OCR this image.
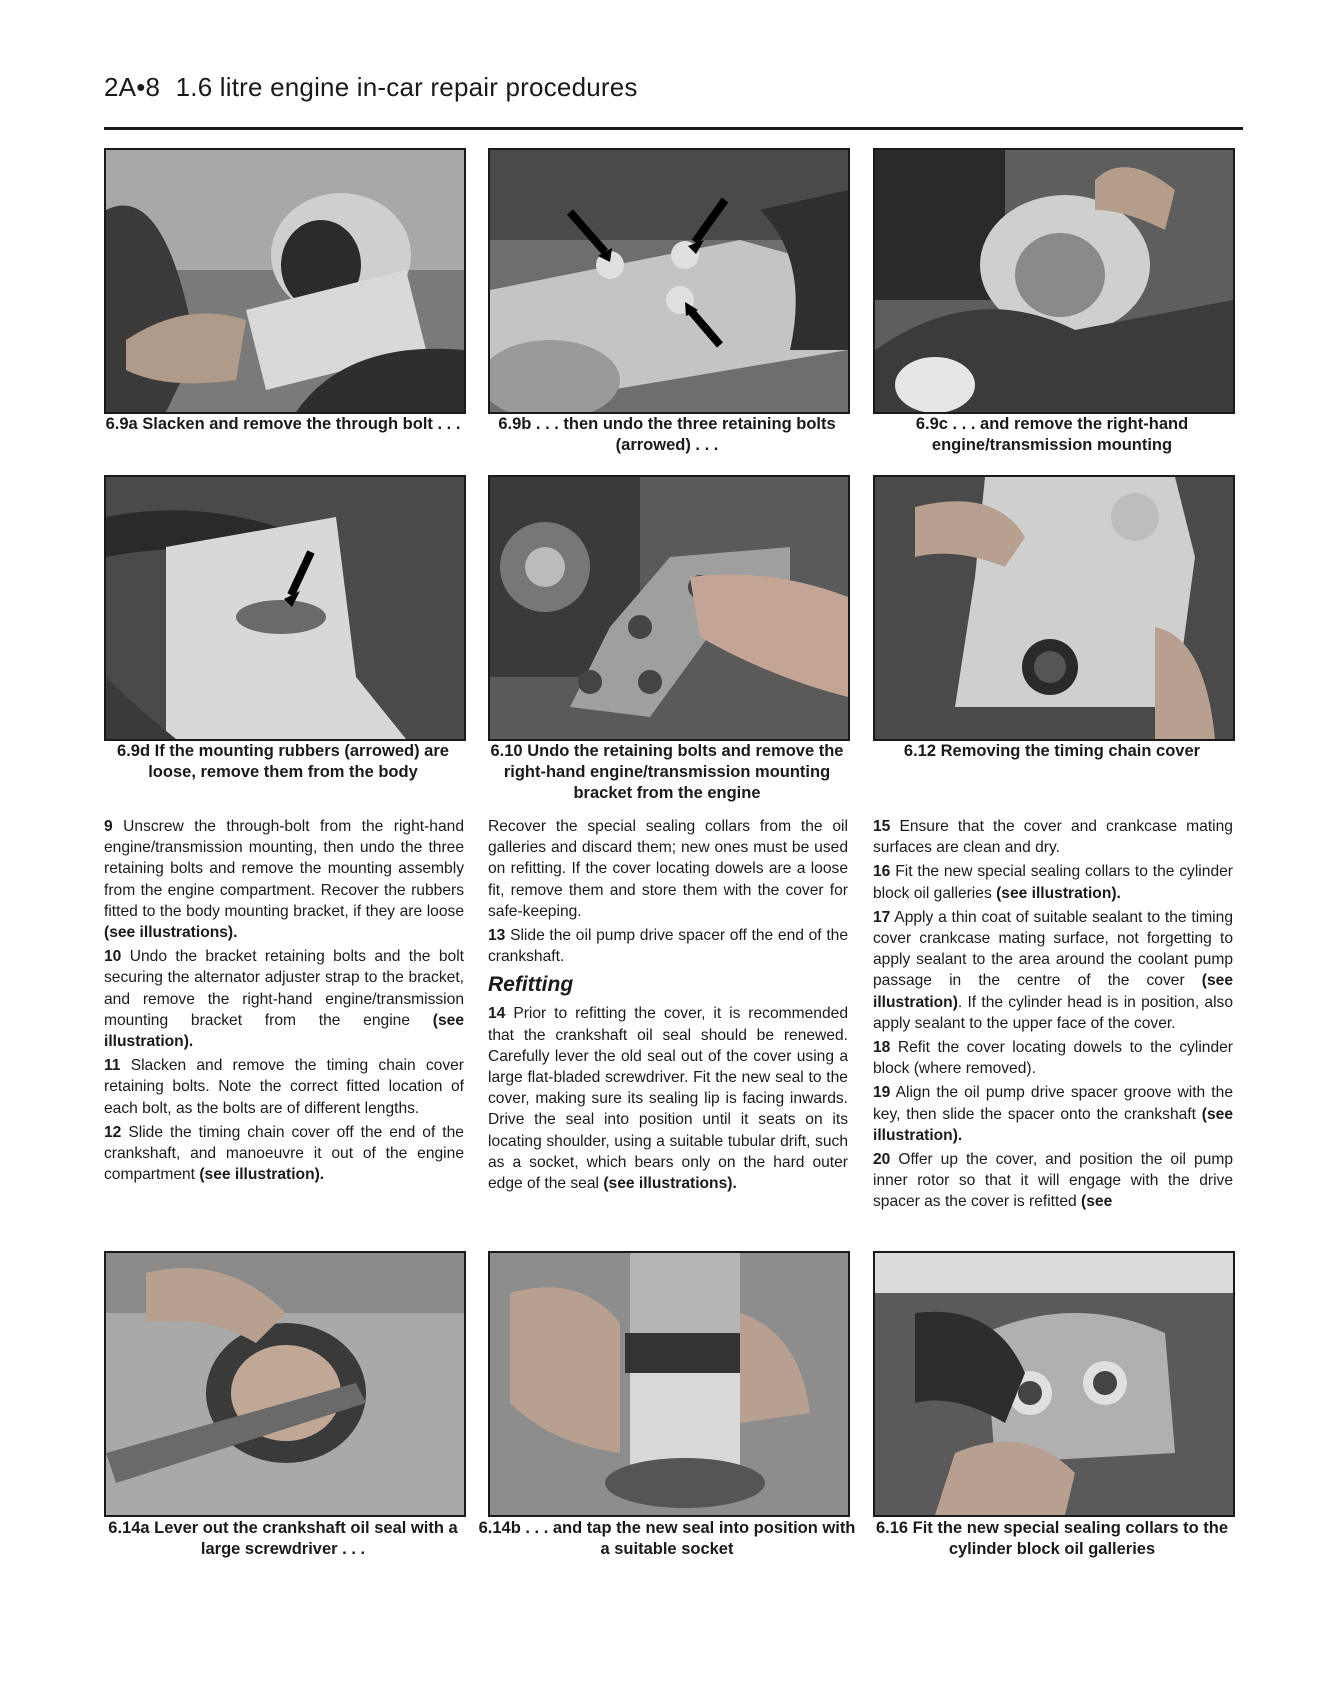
2A•8 1.6 litre engine in-car repair procedures
6.9a Slacken and remove the through bolt . . .	6.9b . . . then undo the three retaining bolts (arrowed) . . .
6.9c . . . and remove the right-hand engine/transmission mounting
6.9d If the mounting rubbers (arrowed) are loose, remove them from the body
6.10 Undo the retaining bolts and remove the right-hand engine/transmission mounting bracket from the engine
6.12 Removing the timing chain cover

9 Unscrew the through-bolt from the right-hand engine/transmission mounting, then undo the three retaining bolts and remove the mounting assembly from the engine compartment. Recover the rubbers fitted to the body mounting bracket, if they are loose (see illustrations).

10 Undo the bracket retaining bolts and the bolt securing the alternator adjuster strap to the bracket, and remove the right-hand engine/transmission mounting bracket from the engine (see illustration).

11 Slacken and remove the timing chain cover retaining bolts. Note the correct fitted location of each bolt, as the bolts are of different lengths.

12 Slide the timing chain cover off the end of the crankshaft, and manoeuvre it out of the engine compartment (see illustration).

Recover the special sealing collars from the oil galleries and discard them; new ones must be used on refitting. If the cover locating dowels are a loose fit, remove them and store them with the cover for safe-keeping.

13 Slide the oil pump drive spacer off the end of the crankshaft.

Refitting

14 Prior to refitting the cover, it is recommended that the crankshaft oil seal should be renewed. Carefully lever the old seal out of the cover using a large flat-bladed screwdriver. Fit the new seal to the cover, making sure its sealing lip is facing inwards. Drive the seal into position until it seats on its locating shoulder, using a suitable tubular drift, such as a socket, which bears only on the hard outer edge of the seal (see illustrations).

15 Ensure that the cover and crankcase mating surfaces are clean and dry.

16 Fit the new special sealing collars to the cylinder block oil galleries (see illustration).

17 Apply a thin coat of suitable sealant to the timing cover crankcase mating surface, not forgetting to apply sealant to the area around the coolant pump passage in the centre of the cover (see illustration). If the cylinder head is in position, also apply sealant to the upper face of the cover.

18 Refit the cover locating dowels to the cylinder block (where removed).

19 Align the oil pump drive spacer groove with the key, then slide the spacer onto the crankshaft (see illustration).

20 Offer up the cover, and position the oil pump inner rotor so that it will engage with the drive spacer as the cover is refitted (see

6.14a Lever out the crankshaft oil seal with a large screwdriver . . .
6.14b . . . and tap the new seal into position with a suitable socket
6.16 Fit the new special sealing collars to the cylinder block oil galleries
